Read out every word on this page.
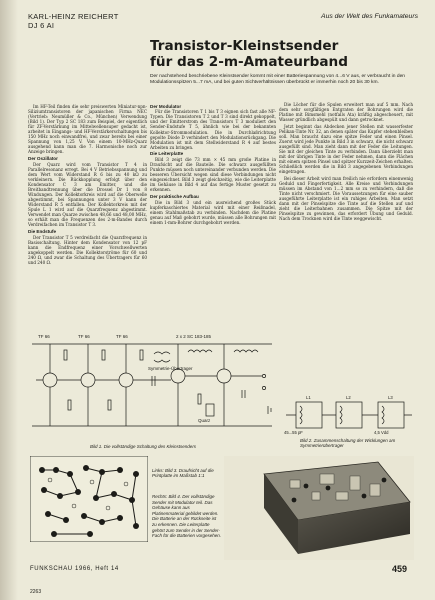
KARL-HEINZ REICHERT
DJ 6 AI
Aus der Welt des Funkamateurs
Transistor-Kleinstsender
für das 2-m-Amateurband
Der nachstehend beschriebene Kleinstsender kommt mit einer Batteriespannung von 4...6 V aus, er verbraucht in den Modulationsspitzen 5...7 mA, und bei guten Sichtverhältnissen überbrückt er immerhin noch 20 bis 30 km.

Im HF-Teil finden die sehr preiswerten Miniatur-npn-Siliziumtransistoren der japanischen Firma NEC (Vertrieb: Neumüller & Co., München) Verwendung (Bild 1). Der Typ 2 SC 183 zum Beispiel, der eigentlich für ZF-Verstärkung im Mittelwellensuper gedacht ist, arbeitet in Eingangs- und HF-Verstärkerschaltungen bis 150 MHz noch einwandfrei, und zwar bereits bei einer Spannung von 1,25 V. Von einem 10-MHz-Quarz ausgehend kann man die 7. Harmonische noch zur Anzeige bringen.

Der Oszillator

Der Quarz wird vom Transistor T 4 in Parallelresonanz erregt. Bei 4 V Betriebsspannung und dem Wert vom Widerstand R 6 bis zu 40 kΩ zu verkleinern. Die Rückkopplung erfolgt über den Kondensator C 3 am Emitter, und die Breitbandtrennung über die Drossel Dr 1 von 8 Windungen. Der Kollektorkreis wird auf die Oberwelle abgestimmt, bei Spannungen unter 3 V kann der Widerstand R 5 entfallen. Der Kollektorkreis mit der Spule L 1 wird auf die Quarzfrequenz abgestimmt. Verwendet man Quarze zwischen 48,66 und 48,00 MHz, so erhält man die Frequenzen des 2-m-Bandes durch Verdreifachen im Transistor T 3.

Die Endstufe

Der Transistor T 5 verdreifacht die Quarzfrequenz in Basisschaltung. Hinter dem Kondensator von 12 pF kann die Endfrequenz einer Vorschwellwerten angekoppelt werden. Die Kollektorströme für 60 und 240 Ω, und zwar die Schaltung des Übertragers für 60 und 240 Ω.

Der Modulator

Für die Transistoren T 1 bis T 3 eignen sich fast alle NF-Typen. Die Transistoren T 2 und T 3 sind direkt gekoppelt, und der Emitterstrom des Transistors T 3 moduliert den Sender-Endstufe T 5, ähnlich wie bei der bekannten Kollektor-Strommodulation. Die in Durchlaßrichtung gepolte Diode D verhindert den Modulationsrückgang. Die Modulation ist mit dem Stellwiderstand R 4 auf bestes Arbeiten zu bringen.

Die Leiterplatte

Bild 3 zeigt die 73 mm × 45 mm große Platine in Draufsicht auf die Bauteile. Die schwarz ausgefüllten Punkte müssen noch untereinander verbunden werden. Die besseren Übersicht wegen sind diese Verbindungen nicht eingezeichnet. Bild 3 zeigt gleichzeitig, wie die Leiterplatte im Gehäuse in Bild 4 auf das fertige Muster gesetzt zu erkennen.

Der praktische Aufbau

Die in Bild 3 und ein ausreichend großes Stück kupferkaschiertes Material wird mit einer Reißnadel, einem Stahlmaßstab zu verbinden. Nachdem die Platine genau auf Maß gebohrt wurde, müssen alle Bohrungen mit einem 1-mm-Bohrer durchgebohrt werden.

Die Löcher für die Spulen erweitert man auf 5 mm. Nach dem sehr sorgfältigen Entgraten der Bohrungen wird die Platine mit Bimsmehl (notfalls Ata) kräftig abgescheuert, mit Wasser gründlich abgespült und dann getrocknet.

Jetzt beginnt das Abdecken jener Stellen mit wasserfester Pelikan-Tinte Nr. 32, an denen später das Kupfer stehenbleiben soll. Man braucht dazu eine spitze Feder und einen Pinsel. Zuerst wird jede Punkte in Bild 3 in schwarz, die nicht schwarz ausgefüllt sind. Man zieht dann mit der Feder die Leitungen. Sie mit der gleichen Tinte zu verbinden. Dann überzieht man mit der übrigen Tinte in der Feder nehmen, dann die Flächen mit einem spitzen Pinsel und spitzer Kurzzeit-Zeichen erhalten. Schließlich werden die in Bild 3 angegebenen Verbindungen eingetragen.

Bei dieser Arbeit wird man freilich nie erfordern einenwenig Geduld und Fingerfertigkeit. Alle Kreise und Verbindungen müssen im Abstand von 1...2 mm so zu verhindern, daß die Tinte nicht verschmiert. Die Voraussetzungen für eine sauber ausgeführte Leiterplatte ist ein ruhiges Arbeiten. Man setzt dann mit der Pinselspitze die Tinte auf die Stellen auf und zieht die Leiterbahnen zusammen. Die Spitze mit der Pinselspitze zu gewinnen, das erfordert Übung und Geduld. Nach dem Trocknen wird die Tinte weggewischt.

TF 66	TF 66	TF 66	2 x 2 SC 183-185
Symmetrie-Übertrager
Quarz
Bild 1. Die vollständige Schaltung des Kleinstsenders
L1	L2	L3
45...55 pF	4,5 Vdd
Bild 2. Zusammenschaltung der Wicklungen am Symmetrierübertrager
Links: Bild 3. Draufsicht auf die Printplatte im Maßstab 1:1
Rechts: Bild 4. Der vollständige Sender mit Modulator teil. Das Gehäuse kann aus Platinenmaterial gebildet werden. Die Batterie an der Rückseite ist zu erkennen. Die Leiterplatte gehört zum Sender in der Sender-Fach für die Batterien vorgesehen.
FUNKSCHAU 1966, Heft 14
2263
459
